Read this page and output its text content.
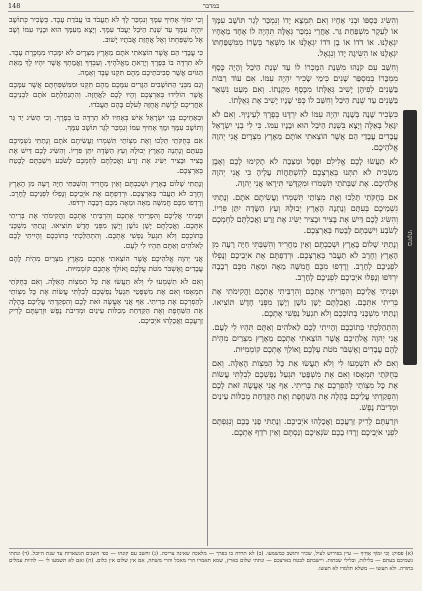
148	במדבר

וְהִשִּׂיג כַּסְפּוֹ וּבְנִי אֶחָיו וְאִם תִּמְצָא יָדוֹ וְנִמְכַּר לְגֵר תּוֹשָׁב עִמָּךְ אוֹ לְעֵקֶר מִשְׁפַּחַת גֵּר. אַחֲרֵי נִמְכַּר גְּאֻלָּה תִּהְיֶה לוֹ אֶחָד מֵאֶחָיו יִגְאָלֶנּוּ. אוֹ דֹדוֹ אוֹ בֶן דֹּדוֹ יִגְאָלֶנּוּ אוֹ מִשְּׁאֵר בְּשָׂרוֹ מִמִּשְׁפַּחְתּוֹ יִגְאָלֶנּוּ אוֹ הִשִּׂיגָה יָדוֹ וְנִגְאָל.

וְחִשַּׁב עִם קֹנֵהוּ מִשְּׁנַת הִמָּכְרוֹ לוֹ עַד שְׁנַת הַיֹּבֵל וְהָיָה כֶּסֶף מִמְכָּרוֹ בְּמִסְפַּר שָׁנִים כִּימֵי שָׂכִיר יִהְיֶה עִמּוֹ. אִם עוֹד רַבּוֹת בַּשָּׁנִים לְפִיהֶן יָשִׁיב גְּאֻלָּתוֹ מִכֶּסֶף מִקְנָתוֹ. וְאִם מְעַט נִשְׁאַר בַּשָּׁנִים עַד שְׁנַת הַיֹּבֵל וְחִשַּׁב לוֹ כְּפִי שָׁנָיו יָשִׁיב אֶת גְּאֻלָּתוֹ.

כִּשְׂכִיר שָׁנָה בְּשָׁנָה יִהְיֶה עִמּוֹ לֹא יִרְדֶּנּוּ בְּפֶרֶךְ לְעֵינֶיךָ. וְאִם לֹא יִגָּאֵל בְּאֵלֶּה וְיָצָא בִּשְׁנַת הַיֹּבֵל הוּא וּבָנָיו עִמּוֹ. כִּי לִי בְנֵי יִשְׂרָאֵל עֲבָדִים עֲבָדַי הֵם אֲשֶׁר הוֹצֵאתִי אוֹתָם מֵאֶרֶץ מִצְרָיִם אֲנִי יְהוָה אֱלֹהֵיכֶם.

לֹא תַעֲשׂוּ לָכֶם אֱלִילִם וּפֶסֶל וּמַצֵּבָה לֹא תָקִימוּ לָכֶם וְאֶבֶן מַשְׂכִּית לֹא תִתְּנוּ בְּאַרְצְכֶם לְהִשְׁתַּחֲוֹת עָלֶיהָ כִּי אֲנִי יְהוָה אֱלֹהֵיכֶם. אֶת שַׁבְּתֹתַי תִּשְׁמֹרוּ וּמִקְדָּשִׁי תִּירָאוּ אֲנִי יְהוָה.

אִם בְּחֻקֹּתַי תֵּלֵכוּ וְאֶת מִצְוֹתַי תִּשְׁמְרוּ וַעֲשִׂיתֶם אֹתָם. וְנָתַתִּי גִשְׁמֵיכֶם בְּעִתָּם וְנָתְנָה הָאָרֶץ יְבוּלָהּ וְעֵץ הַשָּׂדֶה יִתֵּן פִּרְיוֹ. וְהִשִּׂיג לָכֶם דַּיִשׁ אֶת בָּצִיר וּבָצִיר יַשִּׂיג אֶת זָרַע וַאֲכַלְתֶּם לַחְמְכֶם לָשֹׂבַע וִישַׁבְתֶּם לָבֶטַח בְּאַרְצְכֶם.

וְנָתַתִּי שָׁלוֹם בָּאָרֶץ וּשְׁכַבְתֶּם וְאֵין מַחֲרִיד וְהִשְׁבַּתִּי חַיָּה רָעָה מִן הָאָרֶץ וְחֶרֶב לֹא תַעֲבֹר בְּאַרְצְכֶם. וּרְדַפְתֶּם אֶת אֹיְבֵיכֶם וְנָפְלוּ לִפְנֵיכֶם לֶחָרֶב. וְרָדְפוּ מִכֶּם חֲמִשָּׁה מֵאָה וּמֵאָה מִכֶּם רְבָבָה יִרְדֹּפוּ וְנָפְלוּ אֹיְבֵיכֶם לִפְנֵיכֶם לֶחָרֶב.

וּפָנִיתִי אֲלֵיכֶם וְהִפְרֵיתִי אֶתְכֶם וְהִרְבֵּיתִי אֶתְכֶם וַהֲקִימֹתִי אֶת בְּרִיתִי אִתְּכֶם. וַאֲכַלְתֶּם יָשָׁן נוֹשָׁן וְיָשָׁן מִפְּנֵי חָדָשׁ תּוֹצִיאוּ. וְנָתַתִּי מִשְׁכָּנִי בְּתוֹכְכֶם וְלֹא תִגְעַל נַפְשִׁי אֶתְכֶם.

וְהִתְהַלַּכְתִּי בְּתוֹכְכֶם וְהָיִיתִי לָכֶם לֵאלֹהִים וְאַתֶּם תִּהְיוּ לִי לְעָם. אֲנִי יְהוָה אֱלֹהֵיכֶם אֲשֶׁר הוֹצֵאתִי אֶתְכֶם מֵאֶרֶץ מִצְרַיִם מִהְיֹת לָהֶם עֲבָדִים וָאֶשְׁבֹּר מֹטֹת עֻלְּכֶם וָאוֹלֵךְ אֶתְכֶם קוֹמְמִיּוּת.

וְאִם לֹא תִשְׁמְעוּ לִי וְלֹא תַעֲשׂוּ אֵת כָּל הַמִּצְוֹת הָאֵלֶּה. וְאִם בְּחֻקֹּתַי תִּמְאָסוּ וְאִם אֶת מִשְׁפָּטַי תִּגְעַל נַפְשְׁכֶם לְבִלְתִּי עֲשׂוֹת אֶת כָּל מִצְוֹתַי לְהַפְרְכֶם אֶת בְּרִיתִי. אַף אֲנִי אֶעֱשֶׂה זֹּאת לָכֶם וְהִפְקַדְתִּי עֲלֵיכֶם בֶּהָלָה אֶת הַשַּׁחֶפֶת וְאֶת הַקַּדַּחַת מְכַלּוֹת עֵינַיִם וּמְדִיבֹת נָפֶשׁ.

וּזְרַעְתֶּם לָרִיק זַרְעֲכֶם וַאֲכָלֻהוּ אֹיְבֵיכֶם. וְנָתַתִּי פָנַי בָּכֶם וְנִגַּפְתֶּם לִפְנֵי אֹיְבֵיכֶם וְרָדוּ בָכֶם שֹׂנְאֵיכֶם וְנַסְתֶּם וְאֵין רֹדֵף אֶתְכֶם.

וְכִי יִמּוֹךְ אָחִיךָ עִמָּךְ וְנִמְכַּר לָךְ לֹא תַעֲבֹד בּוֹ עֲבֹדַת עָבֶד. כְּשָׂכִיר כְּתוֹשָׁב יִהְיֶה עִמָּךְ עַד שְׁנַת הַיֹּבֵל יַעֲבֹד עִמָּךְ. וְיָצָא מֵעִמָּךְ הוּא וּבָנָיו עִמּוֹ וְשָׁב אֶל מִשְׁפַּחְתּוֹ וְאֶל אֲחֻזַּת אֲבֹתָיו יָשׁוּב.

כִּי עֲבָדַי הֵם אֲשֶׁר הוֹצֵאתִי אֹתָם מֵאֶרֶץ מִצְרָיִם לֹא יִמָּכְרוּ מִמְכֶּרֶת עָבֶד. לֹא תִרְדֶּה בוֹ בְּפָרֶךְ וְיָרֵאתָ מֵאֱלֹהֶיךָ. וְעַבְדְּךָ וַאֲמָתְךָ אֲשֶׁר יִהְיוּ לָךְ מֵאֵת הַגּוֹיִם אֲשֶׁר סְבִיבֹתֵיכֶם מֵהֶם תִּקְנוּ עֶבֶד וְאָמָה.

וְגַם מִבְּנֵי הַתּוֹשָׁבִים הַגָּרִים עִמָּכֶם מֵהֶם תִּקְנוּ וּמִמִּשְׁפַּחְתָּם אֲשֶׁר עִמָּכֶם אֲשֶׁר הוֹלִידוּ בְּאַרְצְכֶם וְהָיוּ לָכֶם לַאֲחֻזָּה. וְהִתְנַחַלְתֶּם אֹתָם לִבְנֵיכֶם אַחֲרֵיכֶם לָרֶשֶׁת אֲחֻזָּה לְעֹלָם בָּהֶם תַּעֲבֹדוּ.

וּבְאַחֵיכֶם בְּנֵי יִשְׂרָאֵל אִישׁ בְּאָחִיו לֹא תִרְדֶּה בוֹ בְּפָרֶךְ. וְכִי תַשִּׂיג יַד גֵּר וְתוֹשָׁב עִמָּךְ וּמָךְ אָחִיךָ עִמּוֹ וְנִמְכַּר לְגֵר תּוֹשָׁב עִמָּךְ.

אִם בְּחֻקֹּתַי תֵּלֵכוּ וְאֶת מִצְוֹתַי תִּשְׁמְרוּ וַעֲשִׂיתֶם אֹתָם וְנָתַתִּי גִשְׁמֵיכֶם בְּעִתָּם וְנָתְנָה הָאָרֶץ יְבוּלָהּ וְעֵץ הַשָּׂדֶה יִתֵּן פִּרְיוֹ. וְהִשִּׂיג לָכֶם דַּיִשׁ אֶת בָּצִיר וּבָצִיר יַשִּׂיג אֶת זָרַע וַאֲכַלְתֶּם לַחְמְכֶם לָשֹׂבַע וִישַׁבְתֶּם לָבֶטַח בְּאַרְצְכֶם.

וְנָתַתִּי שָׁלוֹם בָּאָרֶץ וּשְׁכַבְתֶּם וְאֵין מַחֲרִיד וְהִשְׁבַּתִּי חַיָּה רָעָה מִן הָאָרֶץ וְחֶרֶב לֹא תַעֲבֹר בְּאַרְצְכֶם. וּרְדַפְתֶּם אֶת אֹיְבֵיכֶם וְנָפְלוּ לִפְנֵיכֶם לֶחָרֶב. וְרָדְפוּ מִכֶּם חֲמִשָּׁה מֵאָה וּמֵאָה מִכֶּם רְבָבָה יִרְדֹּפוּ.

וּפָנִיתִי אֲלֵיכֶם וְהִפְרֵיתִי אֶתְכֶם וְהִרְבֵּיתִי אֶתְכֶם וַהֲקִימֹתִי אֶת בְּרִיתִי אִתְּכֶם. וַאֲכַלְתֶּם יָשָׁן נוֹשָׁן וְיָשָׁן מִפְּנֵי חָדָשׁ תּוֹצִיאוּ. וְנָתַתִּי מִשְׁכָּנִי בְּתוֹכְכֶם וְלֹא תִגְעַל נַפְשִׁי אֶתְכֶם. וְהִתְהַלַּכְתִּי בְּתוֹכְכֶם וְהָיִיתִי לָכֶם לֵאלֹהִים וְאַתֶּם תִּהְיוּ לִי לְעָם.

אֲנִי יְהוָה אֱלֹהֵיכֶם אֲשֶׁר הוֹצֵאתִי אֶתְכֶם מֵאֶרֶץ מִצְרַיִם מִהְיֹת לָהֶם עֲבָדִים וָאֶשְׁבֹּר מֹטֹת עֻלְּכֶם וָאוֹלֵךְ אֶתְכֶם קוֹמְמִיּוּת.

וְאִם לֹא תִשְׁמְעוּ לִי וְלֹא תַעֲשׂוּ אֵת כָּל הַמִּצְוֹת הָאֵלֶּה. וְאִם בְּחֻקֹּתַי תִּמְאָסוּ וְאִם אֶת מִשְׁפָּטַי תִּגְעַל נַפְשְׁכֶם לְבִלְתִּי עֲשׂוֹת אֶת כָּל מִצְוֹתַי לְהַפְרְכֶם אֶת בְּרִיתִי. אַף אֲנִי אֶעֱשֶׂה זֹּאת לָכֶם וְהִפְקַדְתִּי עֲלֵיכֶם בֶּהָלָה אֶת הַשַּׁחֶפֶת וְאֶת הַקַּדַּחַת מְכַלּוֹת עֵינַיִם וּמְדִיבֹת נָפֶשׁ וּזְרַעְתֶּם לָרִיק זַרְעֲכֶם וַאֲכָלֻהוּ אֹיְבֵיכֶם.

בחקתי
(א) פסוק: וְכִי יִמּוֹךְ אָחִיךָ — עיין בפירוש לעיל, שכיר ותושב כמשמעו. (ב) לא תרדה בו בפרך — מלאכה שאינה צריכה. (ג) וחשב עם קונהו — כפי השנים הנשארות עד שנת היובל. (ד) ונתתי גשמיכם בעתם — בלילות, ובלילי שבתות. ויישבתם לבטח בארצכם — ונתתי שלום בארץ, שמא תאמרו הרי מאכל והרי משתה, אם אין שלום אין כלום. (ה) ואם לא תשמעו לי — להיות עמלים בתורה. ולא תעשו — משלא תלמדו לא תעשו.
